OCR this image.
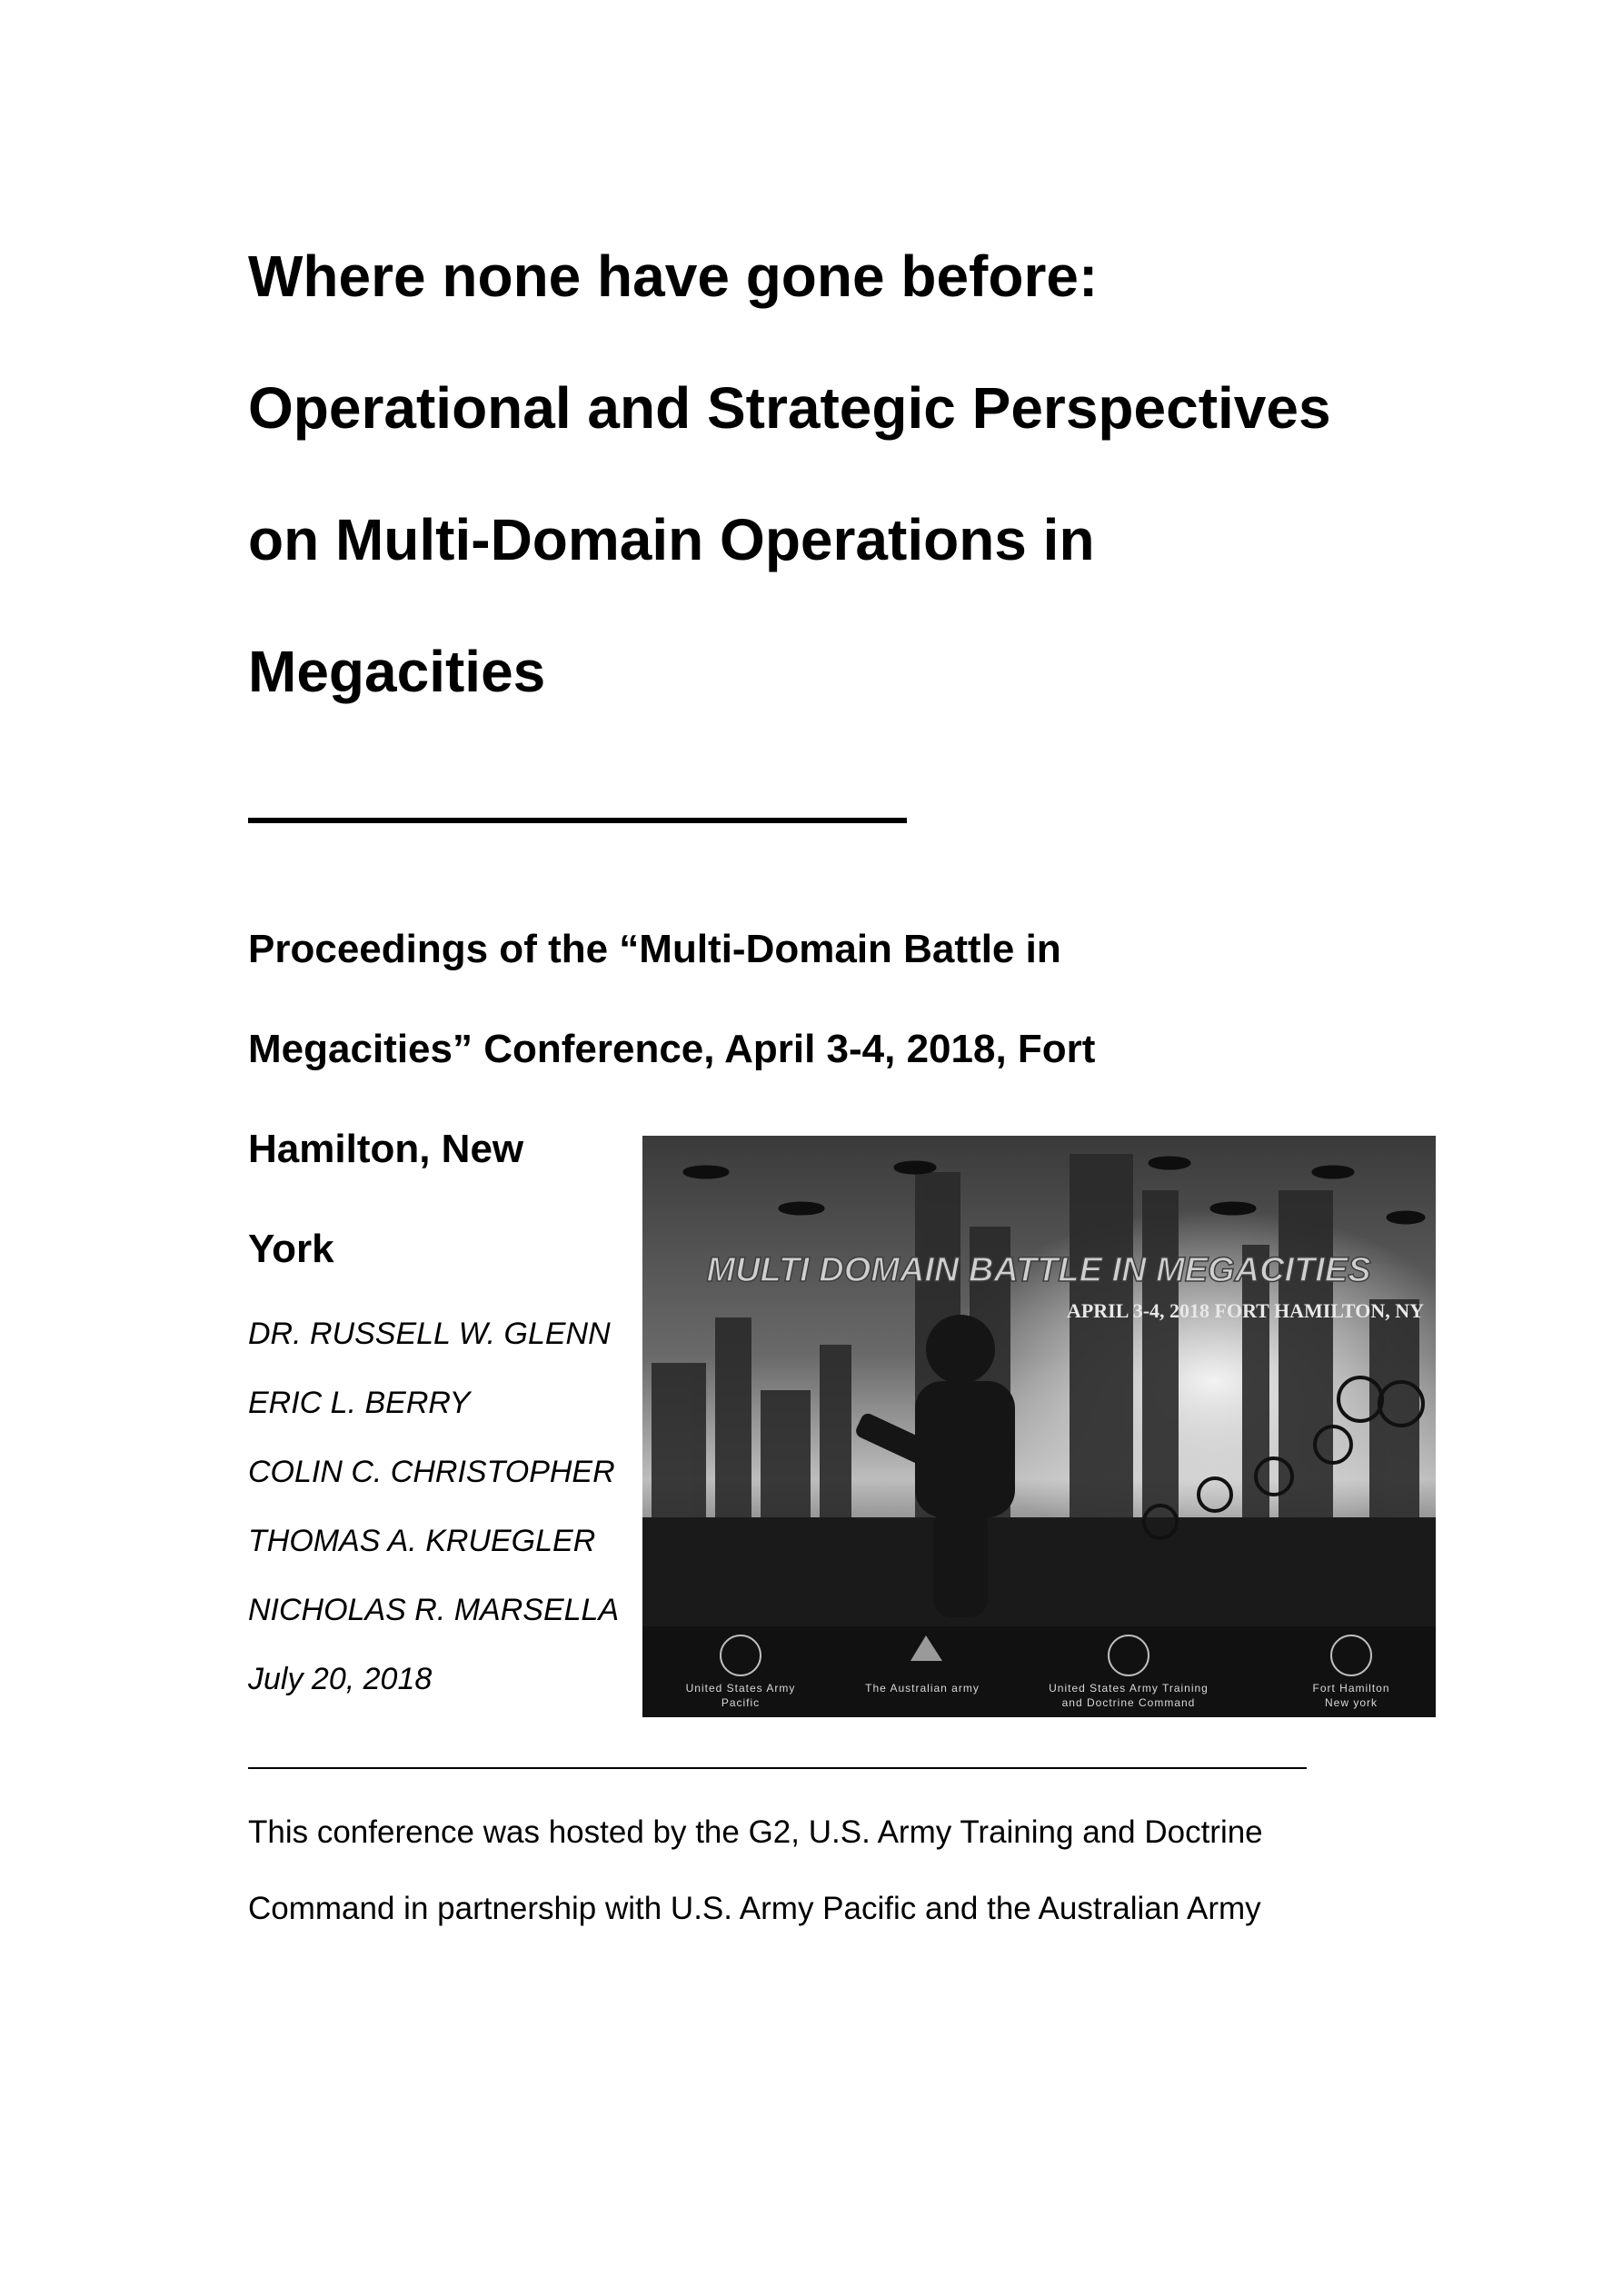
Where none have gone before:
Operational and Strategic Perspectives
on Multi-Domain Operations in
Megacities
Proceedings of the “Multi-Domain Battle in
Megacities” Conference, April 3-4, 2018, Fort
Hamilton, New
York
DR. RUSSELL W. GLENN
ERIC L. BERRY
COLIN C. CHRISTOPHER
THOMAS A. KRUEGLER
NICHOLAS R. MARSELLA
July 20, 2018
MULTI DOMAIN BATTLE IN MEGACITIES
APRIL 3-4, 2018 FORT HAMILTON, NY
United States Army
Pacific
The Australian army	United States Army Training
and Doctrine Command
Fort Hamilton
New york

This conference was hosted by the G2, U.S. Army Training and Doctrine
Command in partnership with U.S. Army Pacific and the Australian Army
